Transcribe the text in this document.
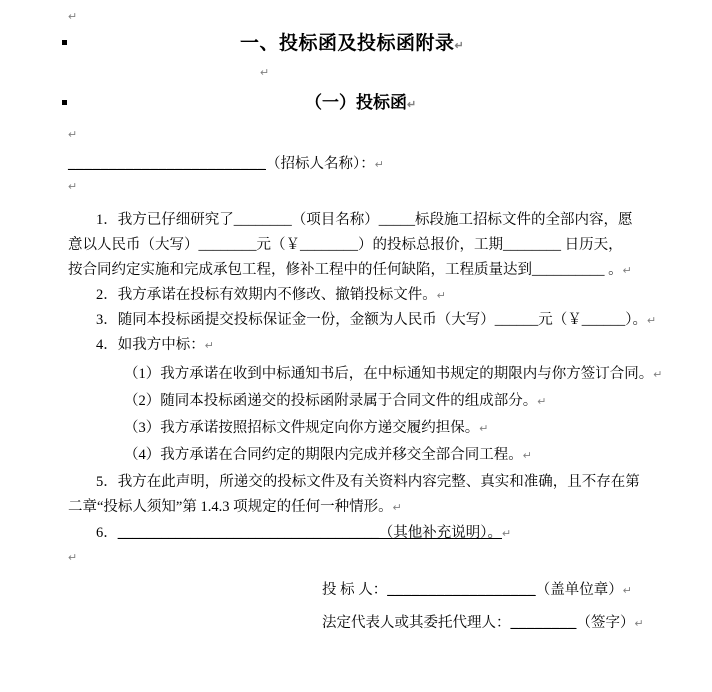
↵
一、投标函及投标函附录↵
↵
（一）投标函↵
↵
________________________（招标人名称）：↵
↵
1．我方已仔细研究了________（项目名称）_____标段施工招标文件的全部内容，愿
意以人民币（大写）________元（￥________）的投标总报价，工期________ 日历天，
按合同约定实施和完成承包工程，修补工程中的任何缺陷，工程质量达到__________ 。↵
2．我方承诺在投标有效期内不修改、撤销投标文件。↵
3．随同本投标函提交投标保证金一份，金额为人民币（大写）______元（￥______）。↵
4．如我方中标：↵
（1）我方承诺在收到中标通知书后，在中标通知书规定的期限内与你方签订合同。↵
（2）随同本投标函递交的投标函附录属于合同文件的组成部分。↵
（3）我方承诺按照招标文件规定向你方递交履约担保。↵
（4）我方承诺在合同约定的期限内完成并移交全部合同工程。↵
5．我方在此声明，所递交的投标文件及有关资料内容完整、真实和准确，且不存在第
二章“投标人须知”第 1.4.3 项规定的任何一种情形。↵
6．____________________________________（其他补充说明）。↵
↵
投 标 人：__________________（盖单位章）↵
法定代表人或其委托代理人：________（签字）↵
